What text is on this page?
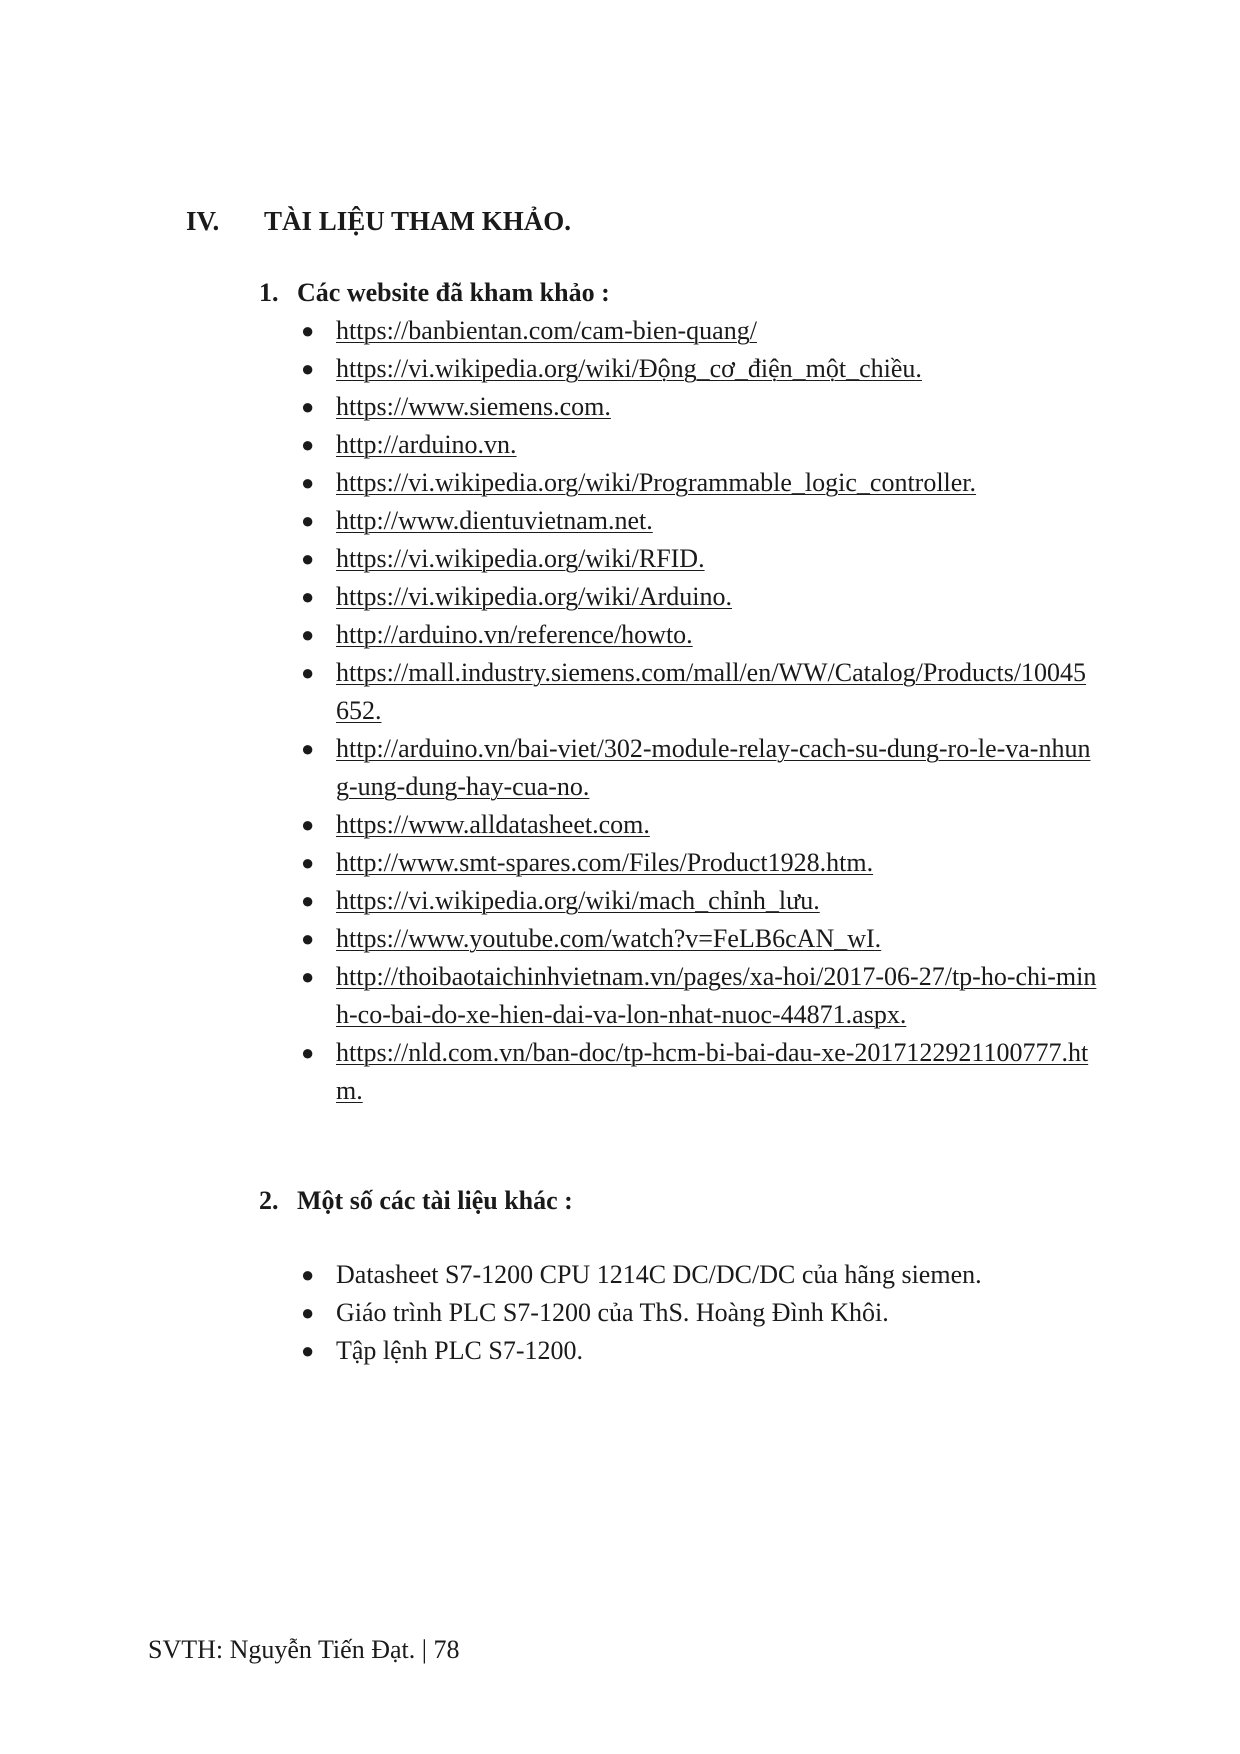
IV. TÀI LIỆU THAM KHẢO.
1. Các website đã kham khảo :
● https://banbientan.com/cam-bien-quang/
● https://vi.wikipedia.org/wiki/Động_cơ_điện_một_chiều.
● https://www.siemens.com.
● http://arduino.vn.
● https://vi.wikipedia.org/wiki/Programmable_logic_controller.
● http://www.dientuvietnam.net.
● https://vi.wikipedia.org/wiki/RFID.
● https://vi.wikipedia.org/wiki/Arduino.
● http://arduino.vn/reference/howto.
● https://mall.industry.siemens.com/mall/en/WW/Catalog/Products/10045652.
● http://arduino.vn/bai-viet/302-module-relay-cach-su-dung-ro-le-va-nhung-ung-dung-hay-cua-no.
● https://www.alldatasheet.com.
● http://www.smt-spares.com/Files/Product1928.htm.
● https://vi.wikipedia.org/wiki/mach_chỉnh_lưu.
● https://www.youtube.com/watch?v=FeLB6cAN_wI.
● http://thoibaotaichinhvietnam.vn/pages/xa-hoi/2017-06-27/tp-ho-chi-minh-co-bai-do-xe-hien-dai-va-lon-nhat-nuoc-44871.aspx.
● https://nld.com.vn/ban-doc/tp-hcm-bi-bai-dau-xe-2017122921100777.htm.
2. Một số các tài liệu khác :
● Datasheet S7-1200 CPU 1214C DC/DC/DC của hãng siemen.
● Giáo trình PLC S7-1200 của ThS. Hoàng Đình Khôi.
● Tập lệnh PLC S7-1200.
SVTH: Nguyễn Tiến Đạt. | 78
